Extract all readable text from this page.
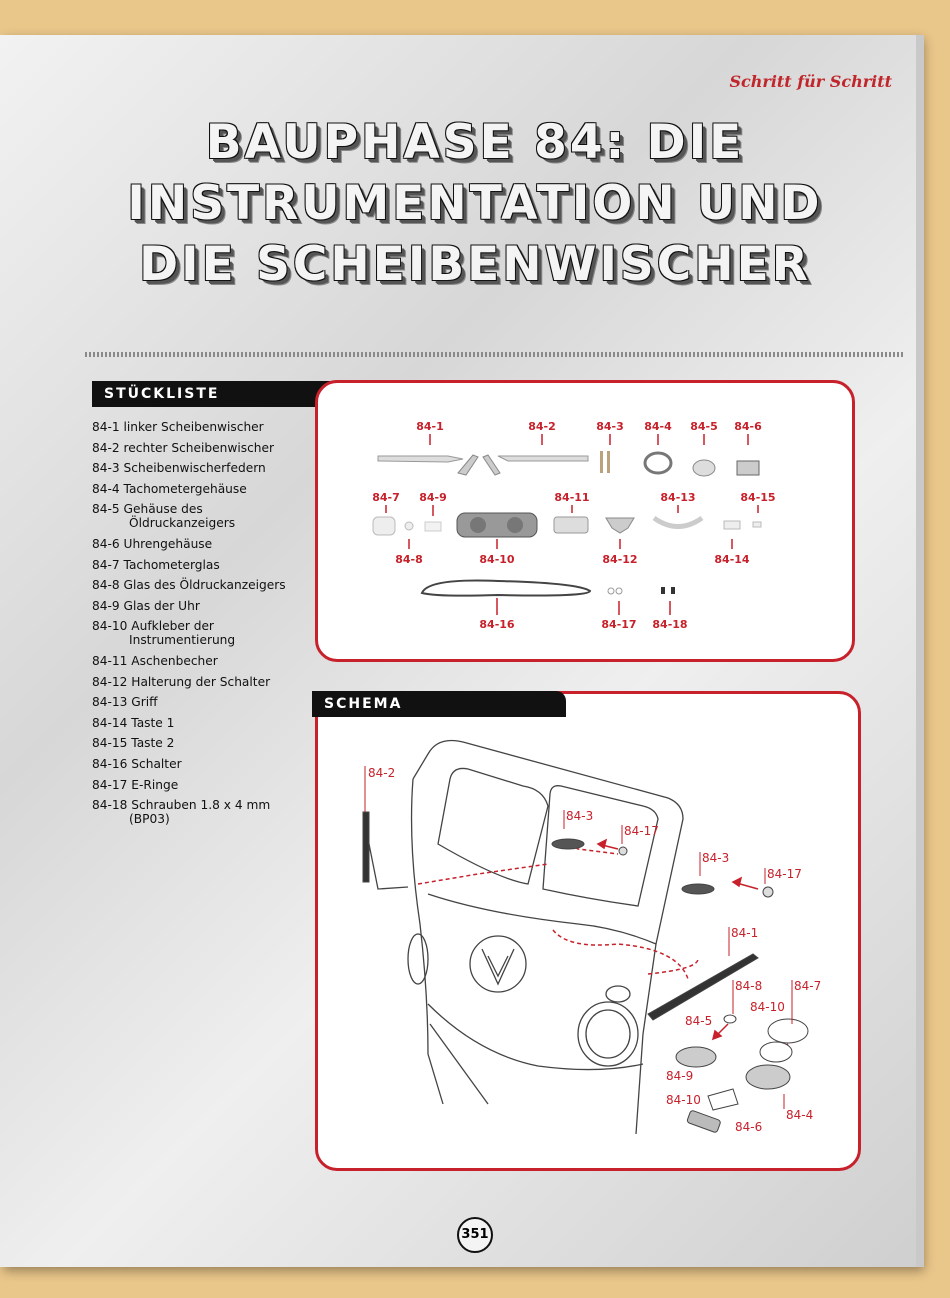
Schritt für Schritt
BAUPHASE 84: DIE
INSTRUMENTATION UND
DIE SCHEIBENWISCHER
STÜCKLISTE
84-1 linker Scheibenwischer
84-2 rechter Scheibenwischer
84-3 Scheibenwischerfedern
84-4 Tachometergehäuse
84-5 Gehäuse des
Öldruckanzeigers
84-6 Uhrengehäuse
84-7 Tachometerglas
84-8 Glas des Öldruckanzeigers
84-9 Glas der Uhr
84-10 Aufkleber der
Instrumentierung
84-11 Aschenbecher
84-12 Halterung der Schalter
84-13 Griff
84-14 Taste 1
84-15 Taste 2
84-16 Schalter
84-17 E-Ringe
84-18 Schrauben 1.8 x 4 mm
(BP03)
84-1	84-2	84-3 84-4 84-5 84-6
84-7 84-9	84-11	84-13	84-15
84-8	84-10	84-12	84-14
84-16	84-17 84-18
84-2
84-3
84-17
84-3
84-17
84-1
84-8	84-7
84-10
84-5
84-9
84-10
84-4
84-6
SCHEMA
351
